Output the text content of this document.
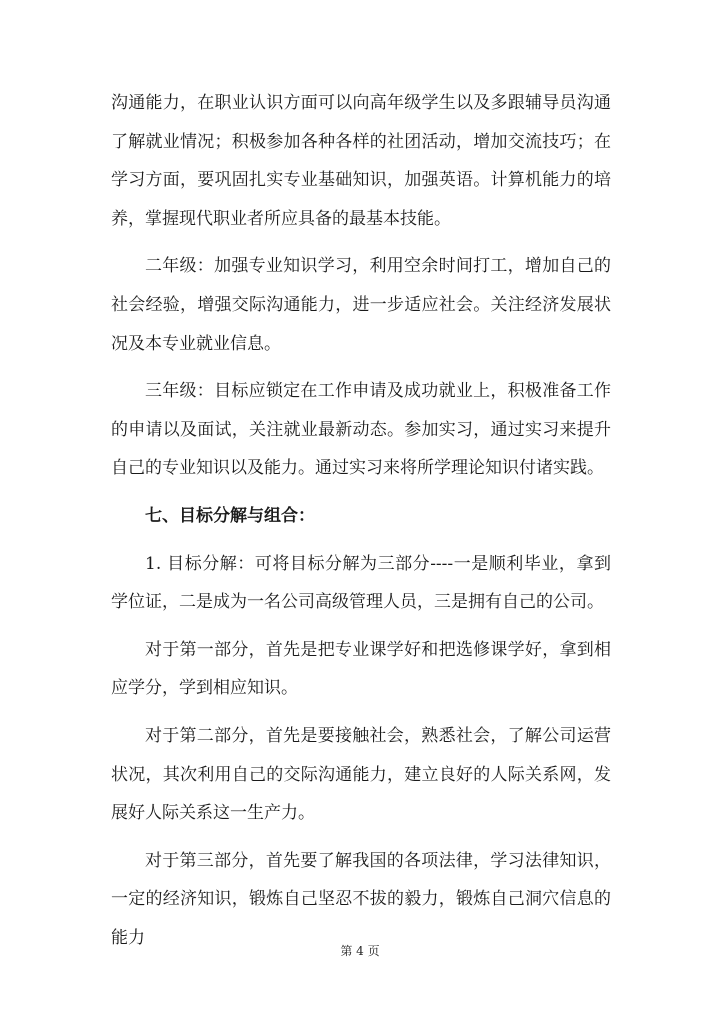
沟通能力，在职业认识方面可以向高年级学生以及多跟辅导员沟通了解就业情况；积极参加各种各样的社团活动，增加交流技巧；在学习方面，要巩固扎实专业基础知识，加强英语。计算机能力的培养，掌握现代职业者所应具备的最基本技能。

二年级：加强专业知识学习，利用空余时间打工，增加自己的社会经验，增强交际沟通能力，进一步适应社会。关注经济发展状况及本专业就业信息。

三年级：目标应锁定在工作申请及成功就业上，积极准备工作的申请以及面试，关注就业最新动态。参加实习，通过实习来提升自己的专业知识以及能力。通过实习来将所学理论知识付诸实践。

七、目标分解与组合：

1. 目标分解：可将目标分解为三部分----一是顺利毕业，拿到学位证，二是成为一名公司高级管理人员，三是拥有自己的公司。

对于第一部分，首先是把专业课学好和把选修课学好，拿到相应学分，学到相应知识。

对于第二部分，首先是要接触社会，熟悉社会，了解公司运营状况，其次利用自己的交际沟通能力，建立良好的人际关系网，发展好人际关系这一生产力。

对于第三部分，首先要了解我国的各项法律，学习法律知识，一定的经济知识，锻炼自己坚忍不拔的毅力，锻炼自己洞穴信息的能力

第 4 页
